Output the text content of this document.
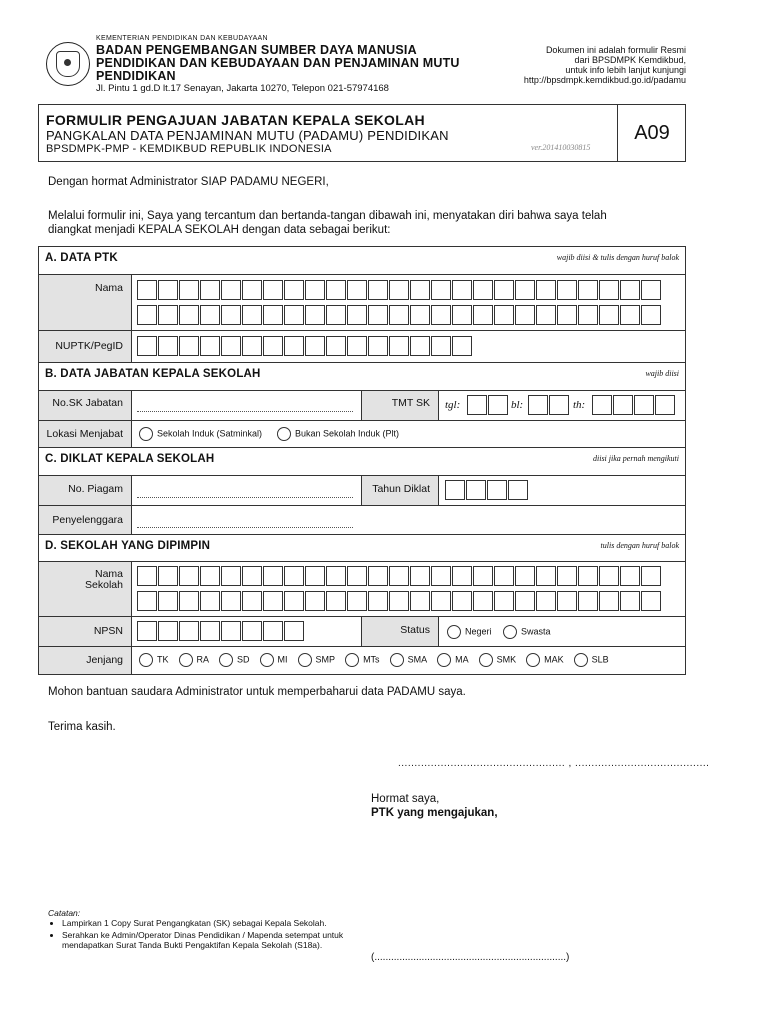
KEMENTERIAN PENDIDIKAN DAN KEBUDAYAAN
BADAN PENGEMBANGAN SUMBER DAYA MANUSIA
PENDIDIKAN DAN KEBUDAYAAN DAN PENJAMINAN MUTU
PENDIDIKAN
Jl. Pintu 1 gd.D lt.17 Senayan, Jakarta 10270, Telepon 021-57974168
Dokumen ini adalah formulir Resmi
dari BPSDMPK Kemdikbud,
untuk info lebih lanjut kunjungi
http://bpsdmpk.kemdikbud.go.id/padamu
FORMULIR PENGAJUAN JABATAN KEPALA SEKOLAH
PANGKALAN DATA PENJAMINAN MUTU (PADAMU) PENDIDIKAN
BPSDMPK-PMP - KEMDIKBUD REPUBLIK INDONESIA	ver.201410030815
A09
Dengan hormat Administrator SIAP PADAMU NEGERI,
Melalui formulir ini, Saya yang tercantum dan bertanda-tangan dibawah ini, menyatakan diri bahwa saya telah
diangkat menjadi KEPALA SEKOLAH dengan data sebagai berikut:
A. DATA PTK	wajib diisi & tulis dengan huruf balok
Nama
NUPTK/PegID
B. DATA JABATAN KEPALA SEKOLAH	wajib diisi
No.SK Jabatan	TMT SK tgl:	bl:	th:
Lokasi Menjabat	Sekolah Induk (Satminkal)	Bukan Sekolah Induk (Plt)
C. DIKLAT KEPALA SEKOLAH	diisi jika pernah mengikuti
No. Piagam	Tahun Diklat
Penyelenggara
D. SEKOLAH YANG DIPIMPIN	tulis dengan huruf balok
Nama
Sekolah
NPSN	Status	Negeri	Swasta
Jenjang	TK	RA	SD	MI	SMP	MTs	SMA	MA	SMK	MAK	SLB
Mohon bantuan saudara Administrator untuk memperbaharui data PADAMU saya.
Terima kasih.
................................................... , .........................................
Hormat saya,
PTK yang mengajukan,
(.....................................................................)
Catatan:
• Lampirkan 1 Copy Surat Pengangkatan (SK) sebagai Kepala Sekolah.
• Serahkan ke Admin/Operator Dinas Pendidikan / Mapenda setempat untuk mendapatkan Surat Tanda Bukti Pengaktifan Kepala Sekolah (S18a).
